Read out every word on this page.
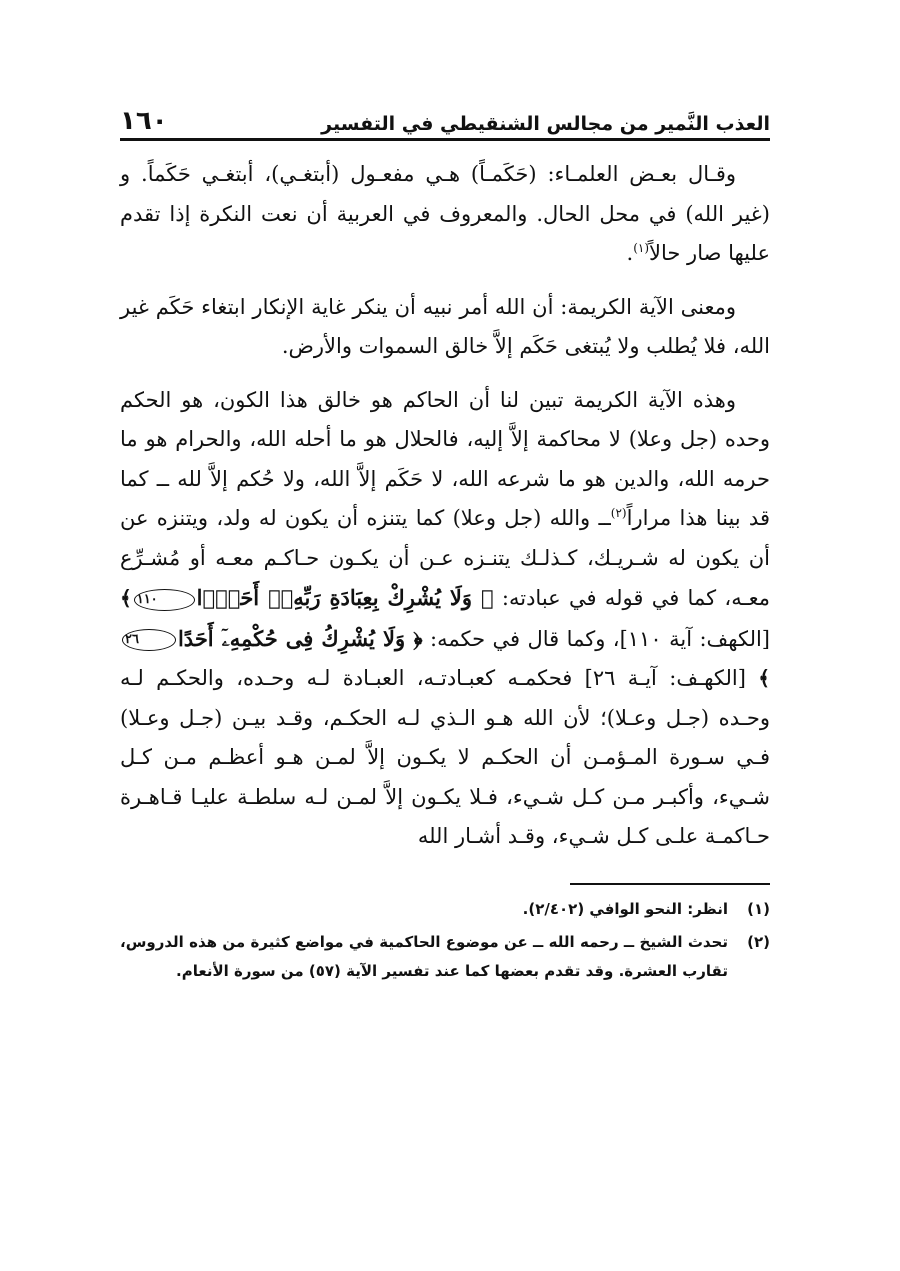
العذب النَّمير من مجالس الشنقيطي في التفسير
١٦٠

وقـال بعـض العلمـاء: (حَكَمـاً) هـي مفعـول (أبتغـي)، أبتغـي حَكَماً. و (غير الله) في محل الحال. والمعروف في العربية أن نعت النكرة إذا تقدم عليها صار حالاً$^{(١)}$.

ومعنى الآية الكريمة: أن الله أمر نبيه أن ينكر غاية الإنكار ابتغاء حَكَم غير الله، فلا يُطلب ولا يُبتغى حَكَم إلاَّ خالق السموات والأرض.

وهذه الآية الكريمة تبين لنا أن الحاكم هو خالق هذا الكون، هو الحكم وحده (جل وعلا) لا محاكمة إلاَّ إليه، فالحلال هو ما أحله الله، والحرام هو ما حرمه الله، والدين هو ما شرعه الله، لا حَكَم إلاَّ الله، ولا حُكم إلاَّ لله ــ كما قد بينا هذا مراراً$^{(٢)}$ــ والله (جل وعلا) كما يتنزه أن يكون له ولد، ويتنزه عن أن يكون له شـريـك، كـذلـك يتنـزه عـن أن يكـون حـاكـم معـه أو مُشـرِّع معـه، كما في قوله في عبادته: ﴿ وَلَا يُشْرِكْ بِعِبَادَةِ رَبِّهِۦٓ أَحَدًۢا١١٠﴾ [الكهف: آية ١١٠]، وكما قال في حكمه: ﴿ وَلَا يُشْرِكُ فِى حُكْمِهِۦٓ أَحَدًا٢٦﴾ [الكهـف: آيـة ٢٦] فحكمـه كعبـادتـه، العبـادة لـه وحـده، والحكـم لـه وحـده (جـل وعـلا)؛ لأن الله هـو الـذي لـه الحكـم، وقـد بيـن (جـل وعـلا) فـي سـورة المـؤمـن أن الحكـم لا يكـون إلاَّ لمـن هـو أعظـم مـن كـل شـيء، وأكبـر مـن كـل شـيء، فـلا يكـون إلاَّ لمـن لـه سلطـة عليـا قـاهـرة حـاكمـة علـى كـل شـيء، وقـد أشـار الله

(١)
انظر: النحو الوافي (٢/٤٠٢).

(٢)
تحدث الشيخ ــ رحمه الله ــ عن موضوع الحاكمية في مواضع كثيرة من هذه الدروس، تقارب العشرة. وقد تقدم بعضها كما عند تفسير الآية (٥٧) من سورة الأنعام.
